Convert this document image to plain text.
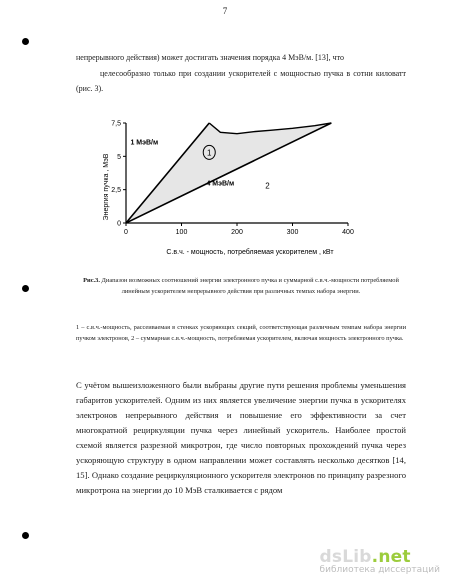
7
непрерывного действия) может достигать значения порядка 4 МэВ/м. [13], что
целесообразно только при создании ускорителей с мощностью пучка в сотни киловатт (рис. 3).
Энергия пучка , МэВ
0	100	200	300	400
0
2,5
5
7,5
1 МэВ/м
4 МэВ/м
1
2
С.в.ч. - мощность, потребляемая ускорителем , кВт
Рис.3. Диапазон возможных соотношений энергии электронного пучка и суммарной с.в.ч.-мощности потребляемой линейным ускорителем непрерывного действия при различных темпах набора энергии.
1 – с.в.ч.-мощность, рассеиваемая в стенках ускоряющих секций, соответствующая различным темпам набора энергии пучком электронов, 2 – суммарная с.в.ч.-мощность, потребляемая ускорителем, включая мощность электронного пучка.
С учётом вышеизложенного были выбраны другие пути решения проблемы уменьшения габаритов ускорителей. Одним из них является увеличение энергии пучка в ускорителях электронов непрерывного действия и повышение его эффективности за счет многократной рециркуляции пучка через линейный ускоритель. Наиболее простой схемой является разрезной микротрон, где число повторных прохождений пучка через ускоряющую структуру в одном направлении может составлять несколько десятков [14, 15]. Однако создание рециркуляционного ускорителя электронов по принципу разрезного микротрона на энергии до 10 МэВ сталкивается с рядом
dsLib.net
библиотека диссертаций
